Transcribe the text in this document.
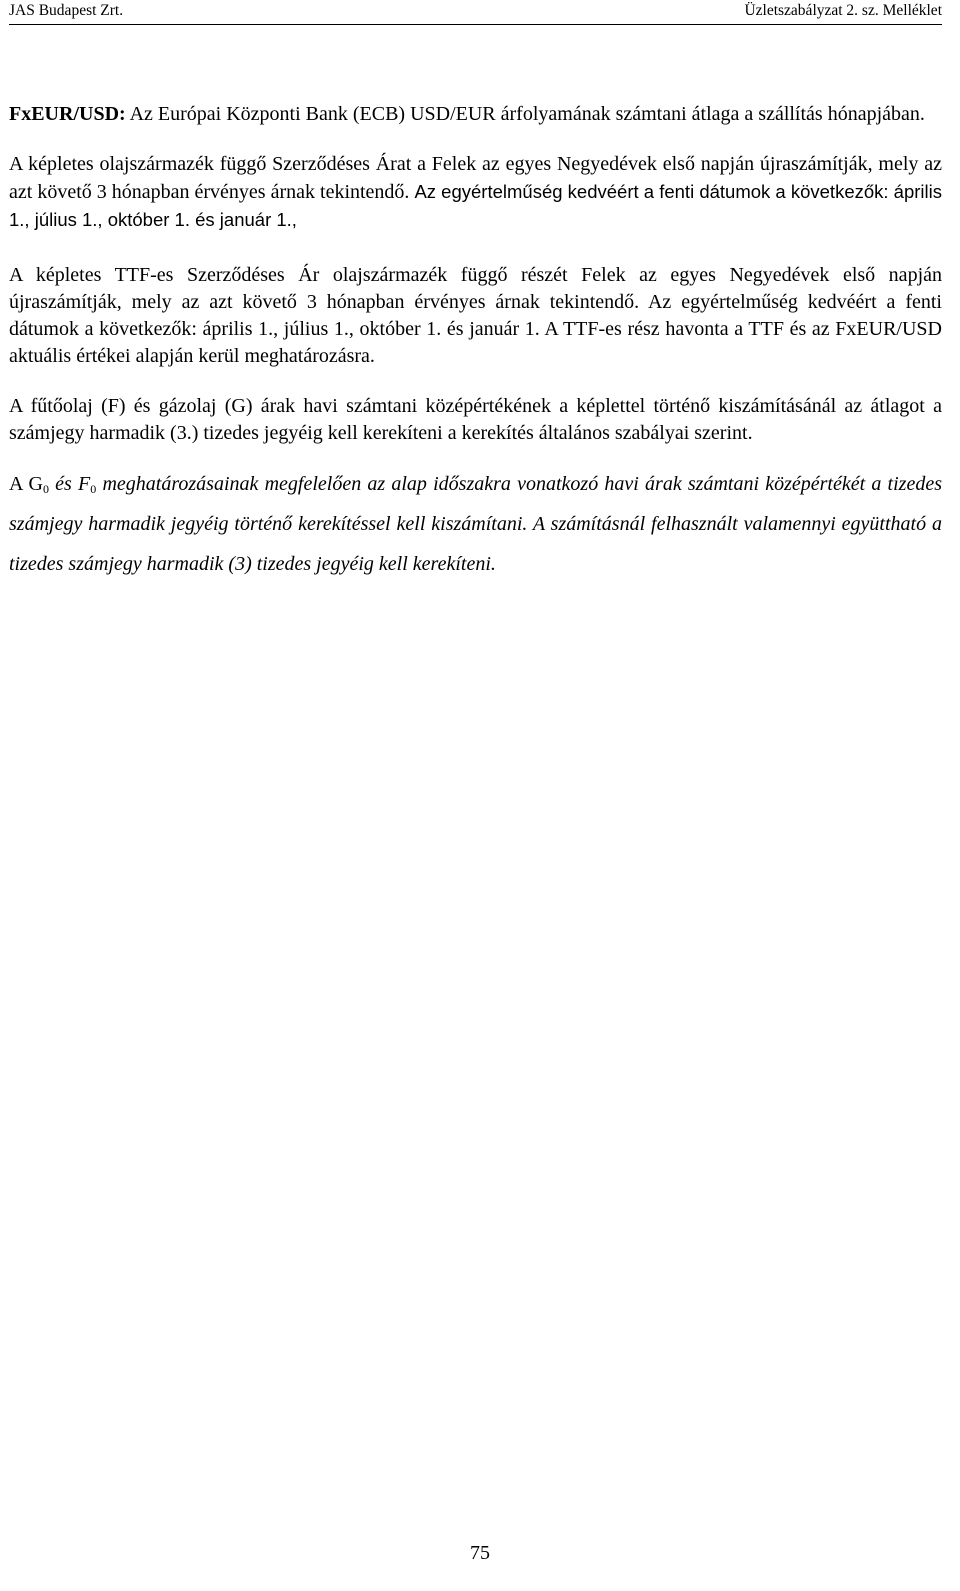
JAS Budapest Zrt.	Üzletszabályzat 2. sz. Melléklet

FxEUR/USD: Az Európai Központi Bank (ECB) USD/EUR árfolyamának számtani átlaga a szállítás hónapjában.

A képletes olajszármazék függő Szerződéses Árat a Felek az egyes Negyedévek első napján újraszámítják, mely az azt követő 3 hónapban érvényes árnak tekintendő. Az egyértelműség kedvéért a fenti dátumok a következők: április 1., július 1., október 1. és január 1.,

A képletes TTF-es Szerződéses Ár olajszármazék függő részét Felek az egyes Negyedévek első napján újraszámítják, mely az azt követő 3 hónapban érvényes árnak tekintendő. Az egyértelműség kedvéért a fenti dátumok a következők: április 1., július 1., október 1. és január 1. A TTF-es rész havonta a TTF és az FxEUR/USD aktuális értékei alapján kerül meghatározásra.

A fűtőolaj (F) és gázolaj (G) árak havi számtani középértékének a képlettel történő kiszámításánál az átlagot a számjegy harmadik (3.) tizedes jegyéig kell kerekíteni a kerekítés általános szabályai szerint.

A $G_0$ és $F_0$ meghatározásainak megfelelően az alap időszakra vonatkozó havi árak számtani középértékét a tizedes számjegy harmadik jegyéig történő kerekítéssel kell kiszámítani. A számításnál felhasznált valamennyi együttható a tizedes számjegy harmadik (3) tizedes jegyéig kell kerekíteni.

75
